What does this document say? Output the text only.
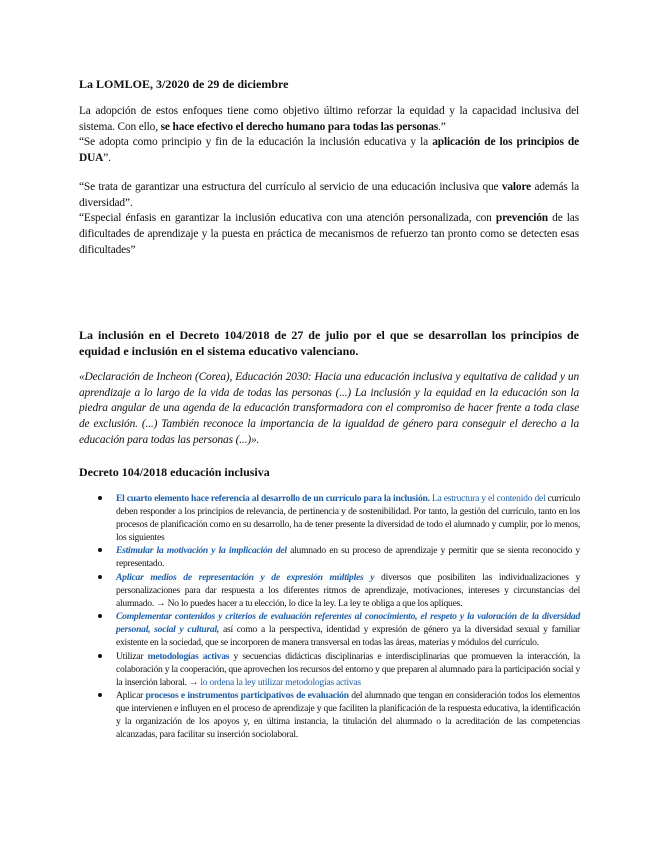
La LOMLOE, 3/2020 de 29 de diciembre

La adopción de estos enfoques tiene como objetivo último reforzar la equidad y la capacidad inclusiva del sistema. Con ello, se hace efectivo el derecho humano para todas las personas.”
“Se adopta como principio y fin de la educación la inclusión educativa y la aplicación de los principios de DUA”.

“Se trata de garantizar una estructura del currículo al servicio de una educación inclusiva que valore además la diversidad”.
“Especial énfasis en garantizar la inclusión educativa con una atención personalizada, con prevención de las dificultades de aprendizaje y la puesta en práctica de mecanismos de refuerzo tan pronto como se detecten esas dificultades”

La inclusión en el Decreto 104/2018 de 27 de julio por el que se desarrollan los principios de equidad e inclusión en el sistema educativo valenciano.

«Declaración de Incheon (Corea), Educación 2030: Hacia una educación inclusiva y equitativa de calidad y un aprendizaje a lo largo de la vida de todas las personas (...) La inclusión y la equidad en la educación son la piedra angular de una agenda de la educación transformadora con el compromiso de hacer frente a toda clase de exclusión. (...) También reconoce la importancia de la igualdad de género para conseguir el derecho a la educación para todas las personas (...)».

Decreto 104/2018 educación inclusiva
El cuarto elemento hace referencia al desarrollo de un currículo para la inclusión. La estructura y el contenido del currículo deben responder a los principios de relevancia, de pertinencia y de sostenibilidad. Por tanto, la gestión del currículo, tanto en los procesos de planificación como en su desarrollo, ha de tener presente la diversidad de todo el alumnado y cumplir, por lo menos, los siguientes
Estimular la motivación y la implicación del alumnado en su proceso de aprendizaje y permitir que se sienta reconocido y representado.
Aplicar medios de representación y de expresión múltiples y diversos que posibiliten las individualizaciones y personalizaciones para dar respuesta a los diferentes ritmos de aprendizaje, motivaciones, intereses y circunstancias del alumnado. → No lo puedes hacer a tu elección, lo dice la ley. La ley te obliga a que los apliques.
Complementar contenidos y criterios de evaluación referentes al conocimiento, el respeto y la valoración de la diversidad personal, social y cultural, así como a la perspectiva, identidad y expresión de género ya la diversidad sexual y familiar existente en la sociedad, que se incorporen de manera transversal en todas las áreas, materias y módulos del currículo.
Utilizar metodologías activas y secuencias didácticas disciplinarias e interdisciplinarias que promueven la interacción, la colaboración y la cooperación, que aprovechen los recursos del entorno y que preparen al alumnado para la participación social y la inserción laboral. → lo ordena la ley utilizar metodologías activas
Aplicar procesos e instrumentos participativos de evaluación del alumnado que tengan en consideración todos los elementos que intervienen e influyen en el proceso de aprendizaje y que faciliten la planificación de la respuesta educativa, la identificación y la organización de los apoyos y, en última instancia, la titulación del alumnado o la acreditación de las competencias alcanzadas, para facilitar su inserción sociolaboral.
